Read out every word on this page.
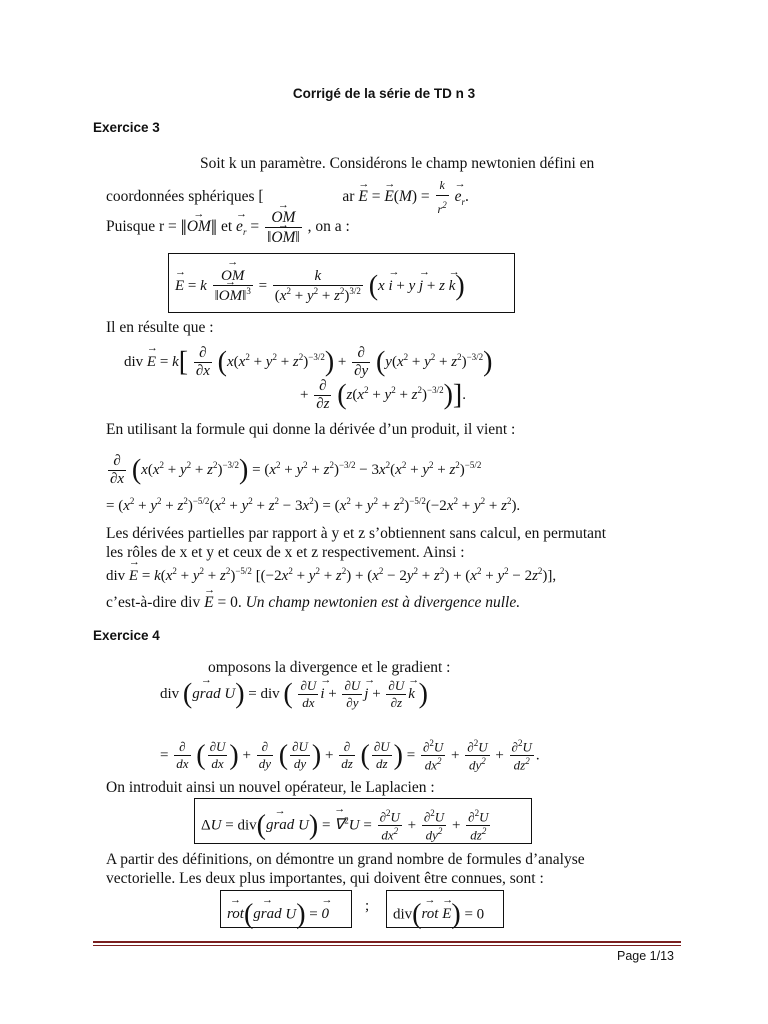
Corrigé de la série de TD n 3
Exercice 3
Soit k un paramètre. Considérons le champ newtonien défini en
coordonnées sphériques [	ar → E = → $E(M) = \frac{k}{r^2}$
→ $e_r$.
Puisque r = ‖→ OM‖ et → $e_r$ =
→ $\frac{OM}{‖\to OM‖}$ , on a :
→ E = k
→ $\frac{OM}{‖\to OM‖^3} = \frac{k}{(x^2 + y^2 + z^2)^{3/2}} (x \to i + y \to j + z \to k)$
Il en résulte que :
div → $E = k[ \frac{\partial}{\partial x} (x(x^2 + y^2 + z^2)^{-3/2}) + \frac{\partial}{\partial y} (y(x^2 + y^2 + z^2)^{-3/2})$
+ $\frac{\partial}{\partial z} (z(x^2 + y^2 + z^2)^{-3/2})$].
En utilisant la formule qui donne la dérivée d’un produit, il vient :
$\frac{\partial}{\partial x} (x(x^2 + y^2 + z^2)^{-3/2}) = (x^2 + y^2 + z^2)^{-3/2} - 3x^2(x^2 + y^2 + z^2)^{-5/2}$
= $(x^2 + y^2 + z^2)^{-5/2}(x^2 + y^2 + z^2 - 3x^2) = (x^2 + y^2 + z^2)^{-5/2}(-2x^2 + y^2 + z^2)$.
Les dérivées partielles par rapport à y et z s’obtiennent sans calcul, en permutant
les rôles de x et y et ceux de x et z respectivement. Ainsi :
div → $E = k(x^2 + y^2 + z^2)^{-5/2}$ $[(-2x^2 + y^2 + z^2) + (x^2 - 2y^2 + z^2) + (x^2 + y^2 - 2z^2)]$,
c’est-à-dire div → E = 0. Un champ newtonien est à divergence nulle.
Exercice 4
omposons la divergence et le gradient :
div (→ grad U) = div ( $\frac{\partial U}{dx}$
→ $i + \frac{\partial U}{\partial y}$
→ $j + \frac{\partial U}{\partial z}$
→ k )
= $\frac{\partial}{dx}$ ( $\frac{\partial U}{dx}$ ) + $\frac{\partial}{dy}$ ( $\frac{\partial U}{dy}$ ) + $\frac{\partial}{dz}$ ( $\frac{\partial U}{dz}$ ) = $\frac{\partial^2U}{dx^2} + \frac{\partial^2U}{dy^2} + \frac{\partial^2U}{dz^2}$ .
On introduit ainsi un nouvel opérateur, le Laplacien :
ΔU = div(→ grad U) = → $\nabla^2U = \frac{\partial^2U}{dx^2} + \frac{\partial^2U}{dy^2} + \frac{\partial^2U}{dz^2}$
A partir des définitions, on démontre un grand nombre de formules d’analyse
vectorielle. Les deux plus importantes, qui doivent être connues, sont :
→ rot(→ grad U) = → 0
;
div(→ rot → E) = 0
Page 1/13
